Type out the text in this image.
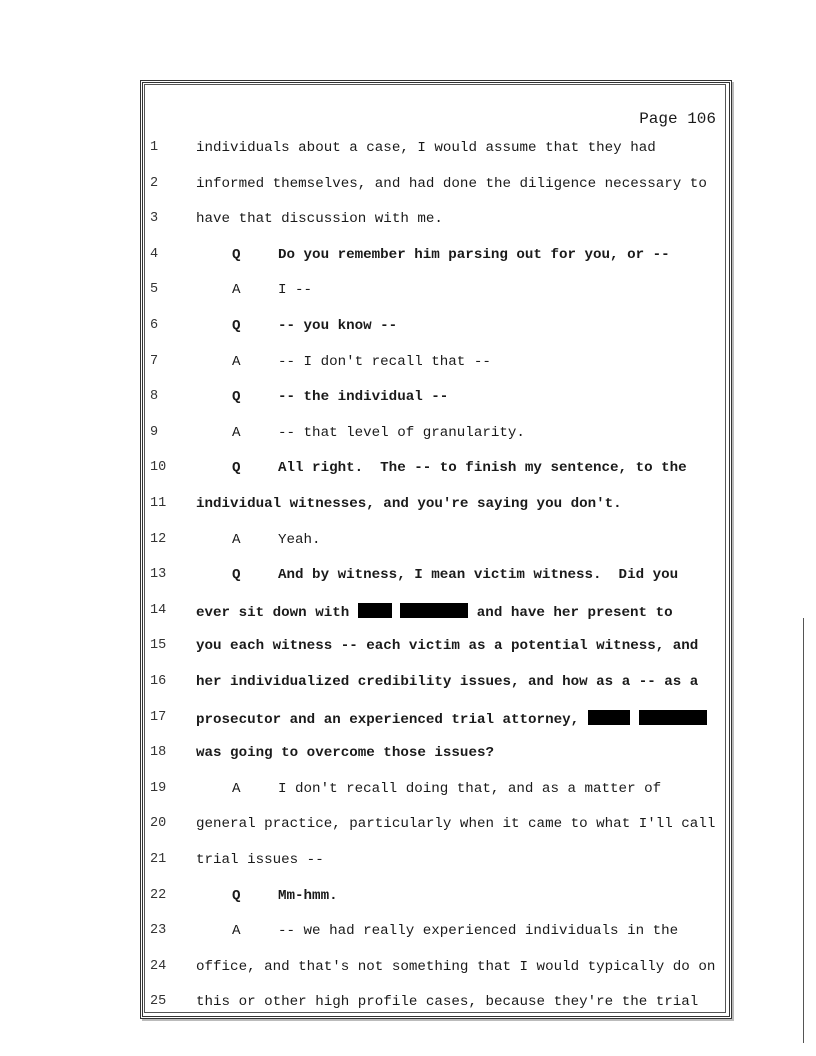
Page 106
1	individuals about a case, I would assume that they had
2	informed themselves, and had done the diligence necessary to
3	have that discussion with me.
4	Q	Do you remember him parsing out for you, or --
5	A	I --
6	Q	-- you know --
7	A	-- I don't recall that --
8	Q	-- the individual --
9	A	-- that level of granularity.
10	Q	All right.  The -- to finish my sentence, to the
11	individual witnesses, and you're saying you don't.
12	A	Yeah.
13	Q	And by witness, I mean victim witness.  Did you
14	ever sit down with	and have her present to
15	you each witness -- each victim as a potential witness, and
16	her individualized credibility issues, and how as a -- as a
17	prosecutor and an experienced trial attorney,
18	was going to overcome those issues?
19	A	I don't recall doing that, and as a matter of
20	general practice, particularly when it came to what I'll call
21	trial issues --
22	Q	Mm-hmm.
23	A	-- we had really experienced individuals in the
24	office, and that's not something that I would typically do on
25	this or other high profile cases, because they're the trial
